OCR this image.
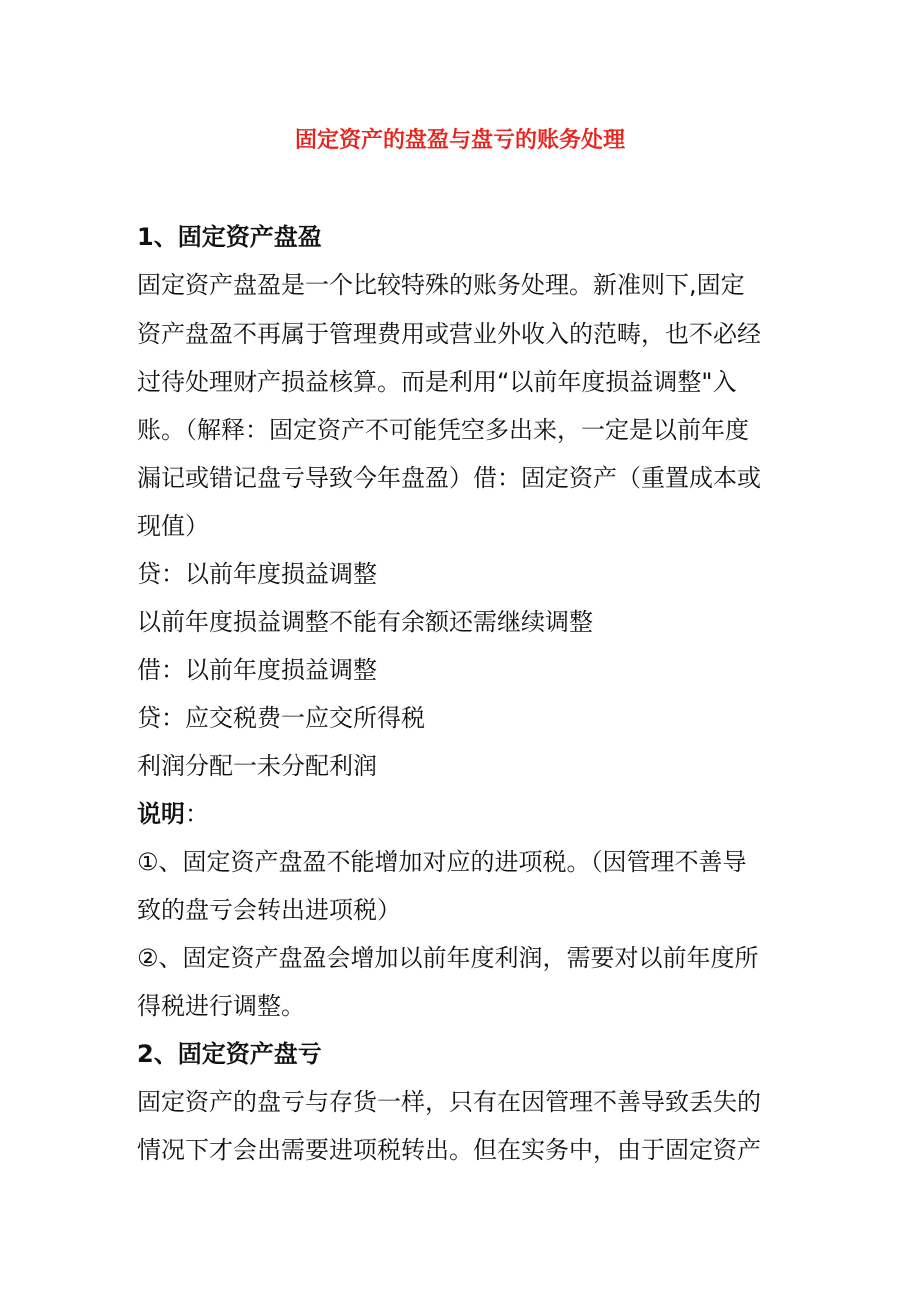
固定资产的盘盈与盘亏的账务处理
1、固定资产盘盈
固定资产盘盈是一个比较特殊的账务处理。新准则下,固定
资产盘盈不再属于管理费用或营业外收入的范畴，也不必经
过待处理财产损益核算。而是利用“以前年度损益调整"入
账。（解释：固定资产不可能凭空多出来，一定是以前年度
漏记或错记盘亏导致今年盘盈）借：固定资产（重置成本或
现值）
贷：以前年度损益调整
以前年度损益调整不能有余额还需继续调整
借：以前年度损益调整
贷：应交税费一应交所得税
利润分配一未分配利润
说明：
①、固定资产盘盈不能增加对应的进项税。（因管理不善导
致的盘亏会转出进项税）
②、固定资产盘盈会增加以前年度利润，需要对以前年度所
得税进行调整。
2、固定资产盘亏
固定资产的盘亏与存货一样，只有在因管理不善导致丢失的
情况下才会出需要进项税转出。但在实务中，由于固定资产
